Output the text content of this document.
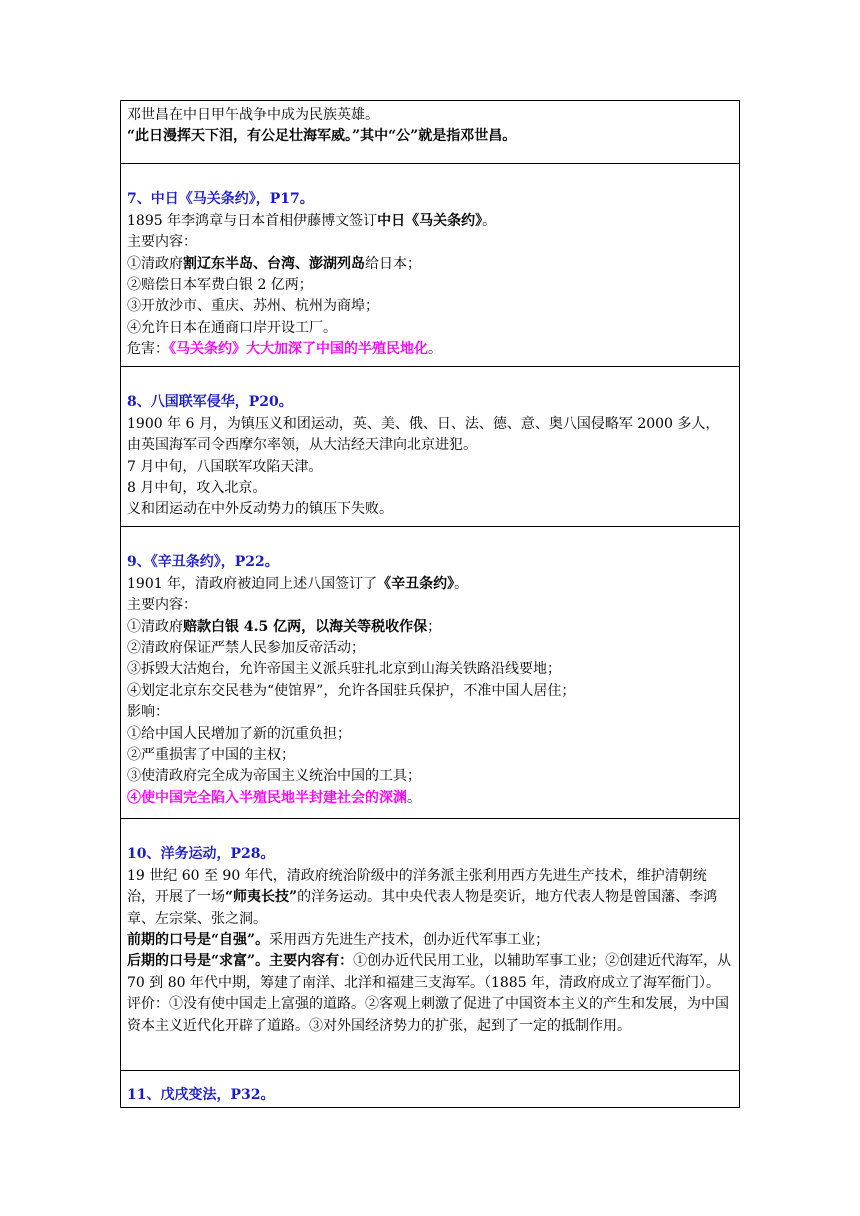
邓世昌在中日甲午战争中成为民族英雄。

“此日漫挥天下泪，有公足壮海军威。”其中“公”就是指邓世昌。

7、中日《马关条约》，P17。

1895 年李鸿章与日本首相伊藤博文签订中日《马关条约》。

主要内容：

①清政府割辽东半岛、台湾、澎湖列岛给日本；

②赔偿日本军费白银 2 亿两；

③开放沙市、重庆、苏州、杭州为商埠；

④允许日本在通商口岸开设工厂。

危害：《马关条约》大大加深了中国的半殖民地化。

8、八国联军侵华，P20。

1900 年 6 月，为镇压义和团运动，英、美、俄、日、法、德、意、奥八国侵略军 2000 多人，由英国海军司令西摩尔率领，从大沽经天津向北京进犯。

7 月中旬，八国联军攻陷天津。

8 月中旬，攻入北京。

义和团运动在中外反动势力的镇压下失败。

9、《辛丑条约》，P22。

1901 年，清政府被迫同上述八国签订了《辛丑条约》。

主要内容：

①清政府赔款白银 4.5 亿两，以海关等税收作保；

②清政府保证严禁人民参加反帝活动；

③拆毁大沽炮台，允许帝国主义派兵驻扎北京到山海关铁路沿线要地；

④划定北京东交民巷为“使馆界”，允许各国驻兵保护，不准中国人居住；

影响：

①给中国人民增加了新的沉重负担；

②严重损害了中国的主权；

③使清政府完全成为帝国主义统治中国的工具；

④使中国完全陷入半殖民地半封建社会的深渊。

10、洋务运动，P28。

19 世纪 60 至 90 年代，清政府统治阶级中的洋务派主张利用西方先进生产技术，维护清朝统治，开展了一场“师夷长技”的洋务运动。其中央代表人物是奕䜣，地方代表人物是曾国藩、李鸿章、左宗棠、张之洞。

前期的口号是“自强”。采用西方先进生产技术，创办近代军事工业；

后期的口号是“求富”。主要内容有：①创办近代民用工业，以辅助军事工业；②创建近代海军，从 70 到 80 年代中期，筹建了南洋、北洋和福建三支海军。（1885 年，清政府成立了海军衙门）。

评价：①没有使中国走上富强的道路。②客观上刺激了促进了中国资本主义的产生和发展，为中国资本主义近代化开辟了道路。③对外国经济势力的扩张，起到了一定的抵制作用。

11、戊戌变法，P32。
